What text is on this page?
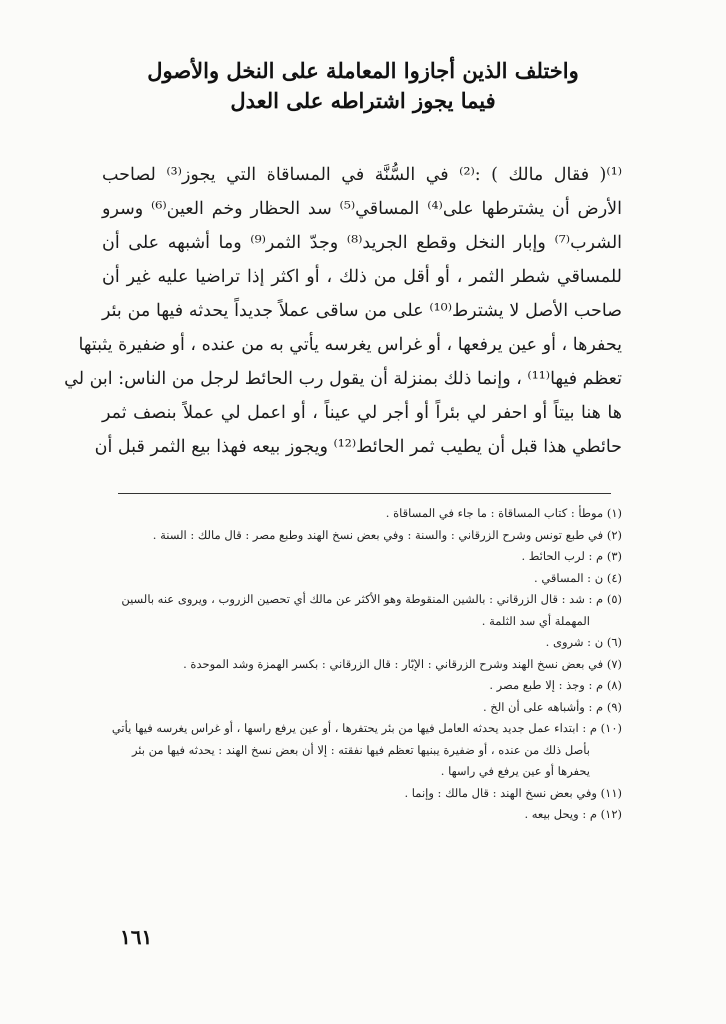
واختلف الذين أجازوا المعاملة على النخل والأصول
فيما يجوز اشتراطه على العدل
⁽¹⁾( فقال مالك ) :⁽²⁾ في السُّنَّة في المساقاة التي يجوز⁽³⁾ لصاحب
الأرض أن يشترطها على⁽⁴⁾ المساقي⁽⁵⁾ سد الحظار وخم العين⁽⁶⁾ وسرو
الشرب⁽⁷⁾ وإبار النخل وقطع الجريد⁽⁸⁾ وجدّ الثمر⁽⁹⁾ وما أشبهه على أن
للمساقي شطر الثمر ، أو أقل من ذلك ، أو اكثر إذا تراضيا عليه غير أن
صاحب الأصل لا يشترط⁽¹⁰⁾ على من ساقى عملاً جديداً يحدثه فيها من بئر
يحفرها ، أو عين يرفعها ، أو غراس يغرسه يأتي به من عنده ، أو ضفيرة يثبتها
تعظم فيها⁽¹¹⁾ ، وإنما ذلك بمنزلة أن يقول رب الحائط لرجل من الناس: ابن لي
ها هنا بيتاً أو احفر لي بئراً أو أجر لي عيناً ، أو اعمل لي عملاً بنصف ثمر
حائطي هذا قبل أن يطيب ثمر الحائط⁽¹²⁾ ويجوز بيعه فهذا بيع الثمر قبل أن
(١) موطأ : كتاب المساقاة : ما جاء في المساقاة .
(٢) في طبع تونس وشرح الزرقاني : والسنة : وفي بعض نسخ الهند وطبع مصر : قال مالك : السنة .
(٣) م : لرب الحائط .
(٤) ن : المساقي .
(٥) م : شد : قال الزرقاني : بالشين المنقوطة وهو الأكثر عن مالك أي تحصين الزروب ، ويروى عنه بالسين
المهملة أي سد الثلمة .
(٦) ن : شروى .
(٧) في بعض نسخ الهند وشرح الزرقاني : الإبّار : قال الزرقاني : بكسر الهمزة وشد الموحدة .
(٨) م : وجذ : إلا طبع مصر .
(٩) م : وأشباهه على أن الخ .
(١٠) م : ابتداء عمل جديد يحدثه العامل فيها من بئر يحتفرها ، أو عين يرفع راسها ، أو غراس يغرسه فيها يأتي
بأصل ذلك من عنده ، أو ضفيرة يبنيها تعظم فيها نفقته : إلا أن بعض نسخ الهند : يحدثه فيها من بئر
يحفرها أو عين يرفع في راسها .
(١١) وفي بعض نسخ الهند : قال مالك : وإنما .
(١٢) م : ويحل بيعه .
١٦١
